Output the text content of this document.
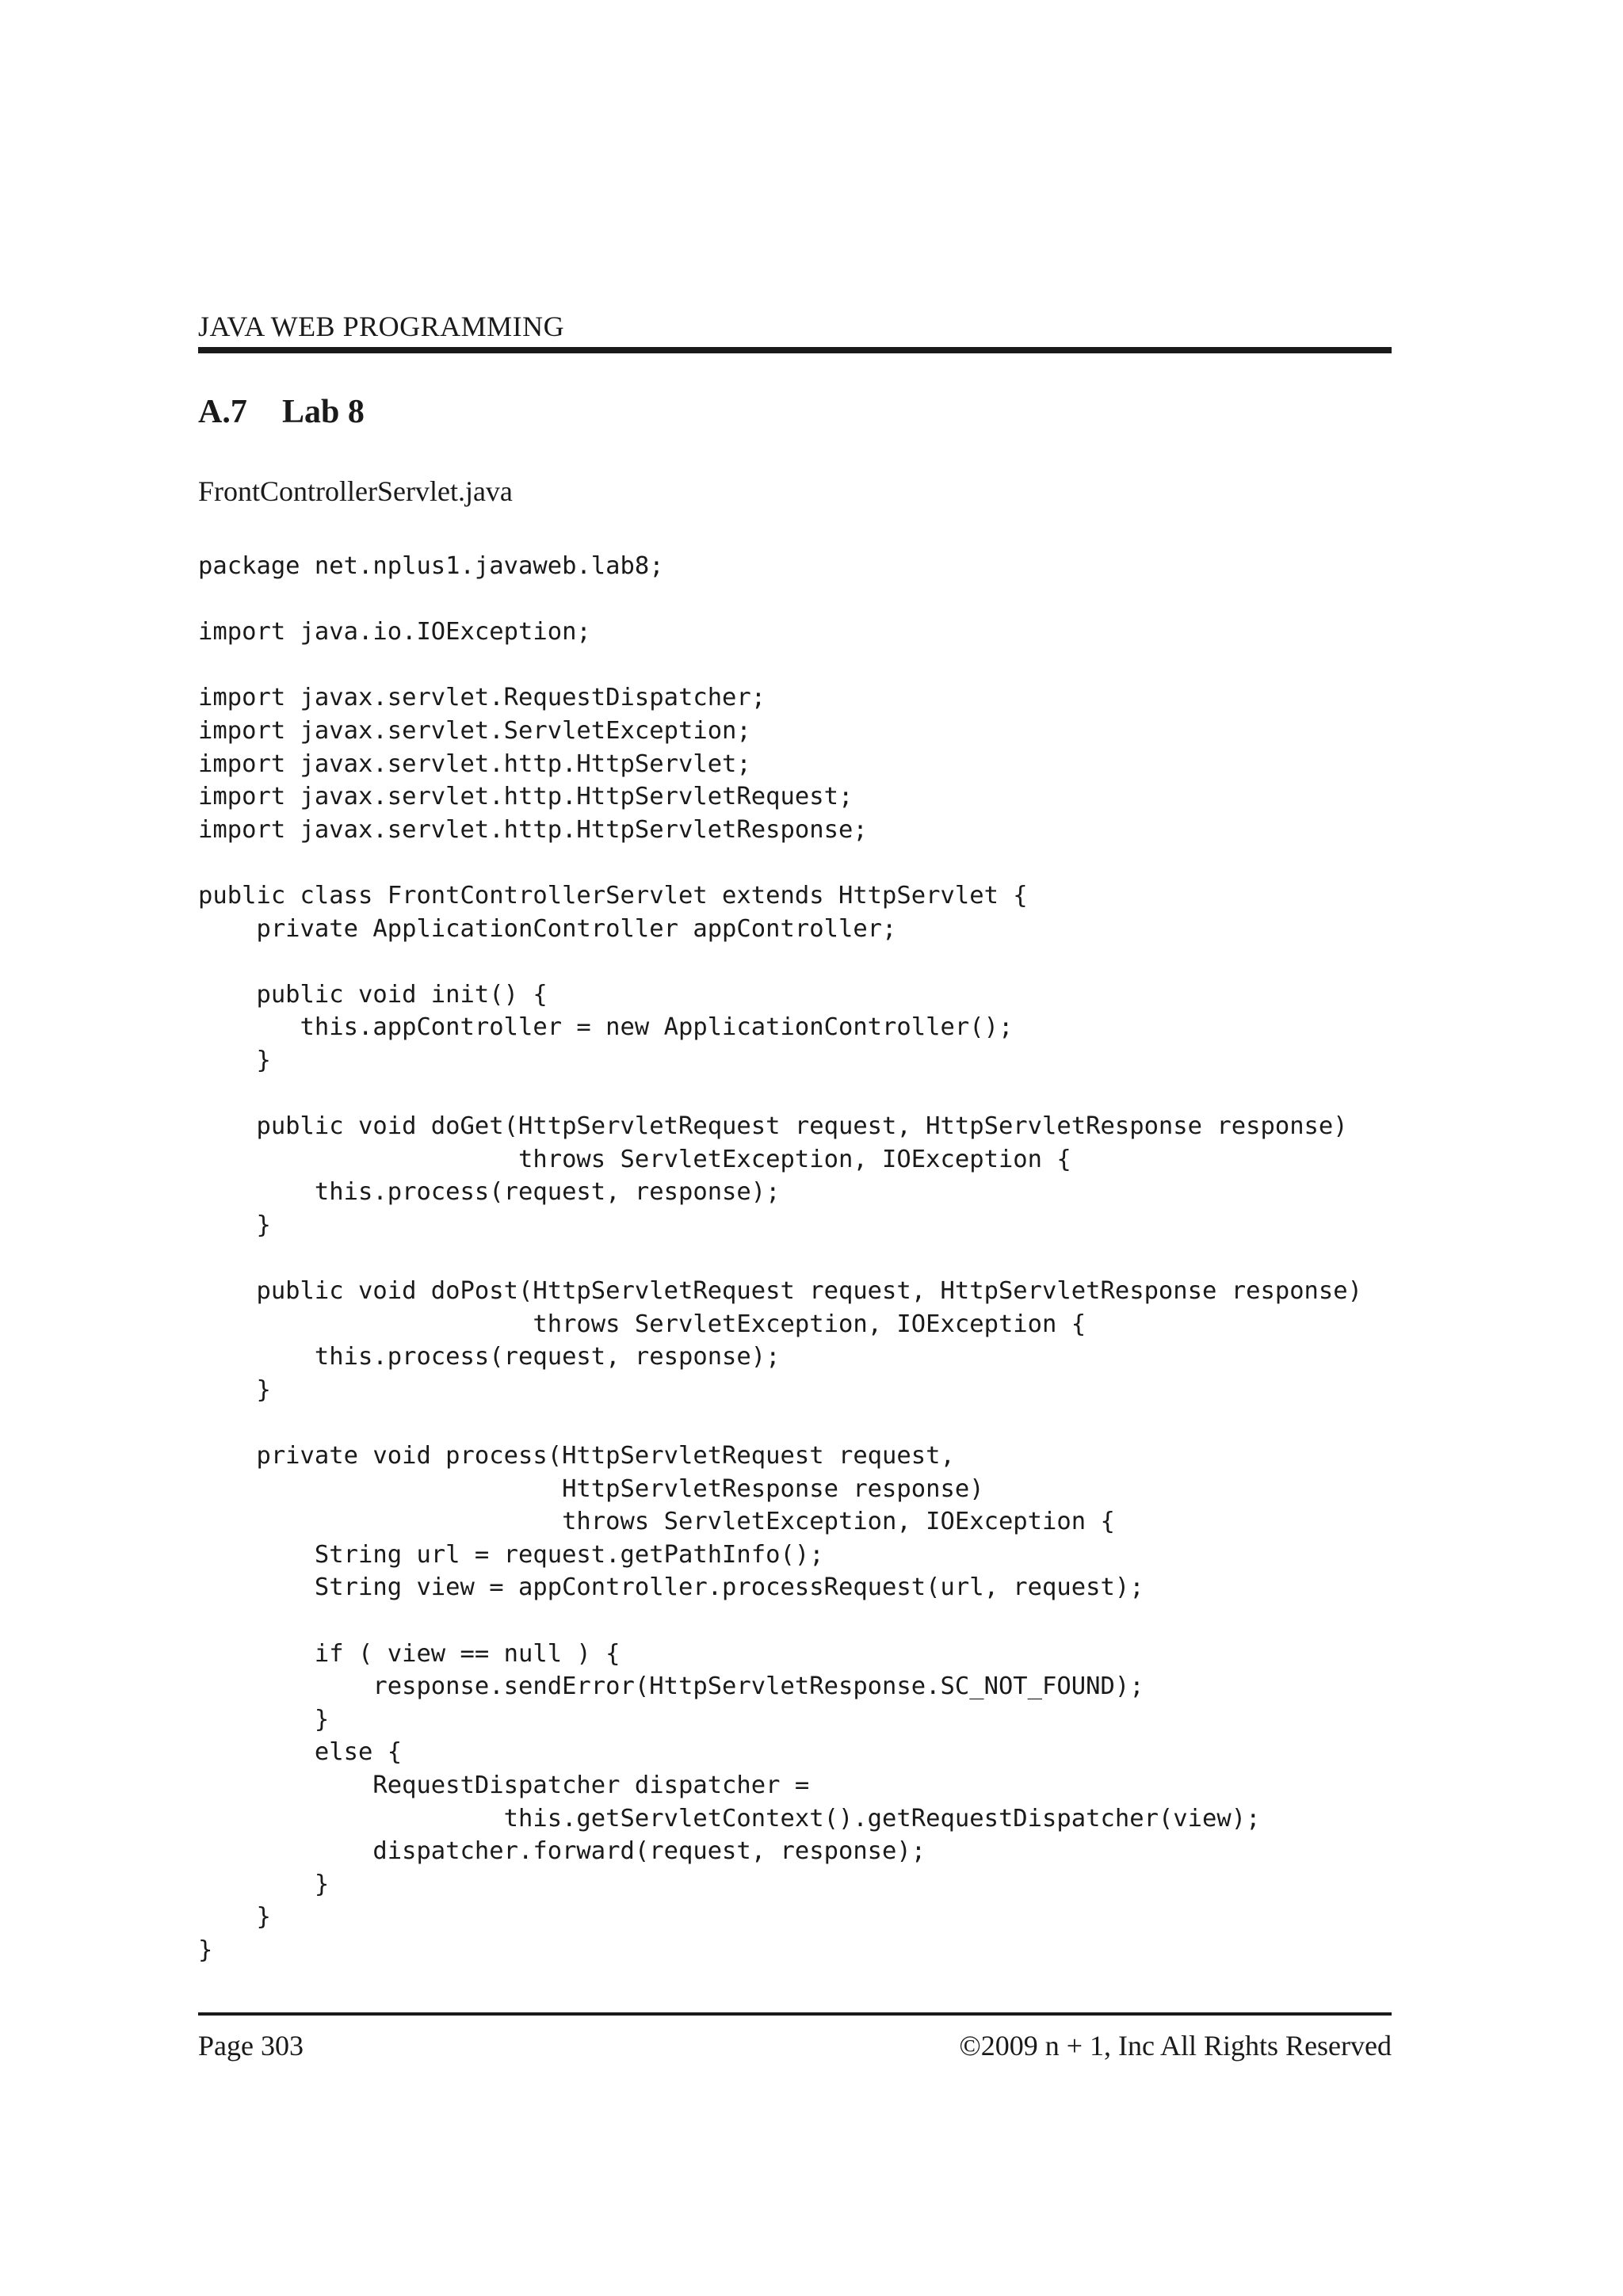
JAVA WEB PROGRAMMING
A.7 Lab 8
FrontControllerServlet.java
package net.nplus1.javaweb.lab8;

import java.io.IOException;

import javax.servlet.RequestDispatcher;
import javax.servlet.ServletException;
import javax.servlet.http.HttpServlet;
import javax.servlet.http.HttpServletRequest;
import javax.servlet.http.HttpServletResponse;

public class FrontControllerServlet extends HttpServlet {
private ApplicationController appController;

public void init() {
this.appController = new ApplicationController();
}

public void doGet(HttpServletRequest request, HttpServletResponse response)
throws ServletException, IOException {
this.process(request, response);
}

public void doPost(HttpServletRequest request, HttpServletResponse response)
throws ServletException, IOException {
this.process(request, response);
}

private void process(HttpServletRequest request,
HttpServletResponse response)
throws ServletException, IOException {
String url = request.getPathInfo();
String view = appController.processRequest(url, request);

if ( view == null ) {
response.sendError(HttpServletResponse.SC_NOT_FOUND);
}
else {
RequestDispatcher dispatcher =
this.getServletContext().getRequestDispatcher(view);
dispatcher.forward(request, response);
}
}
}
Page 303	©2009 n + 1, Inc All Rights Reserved
